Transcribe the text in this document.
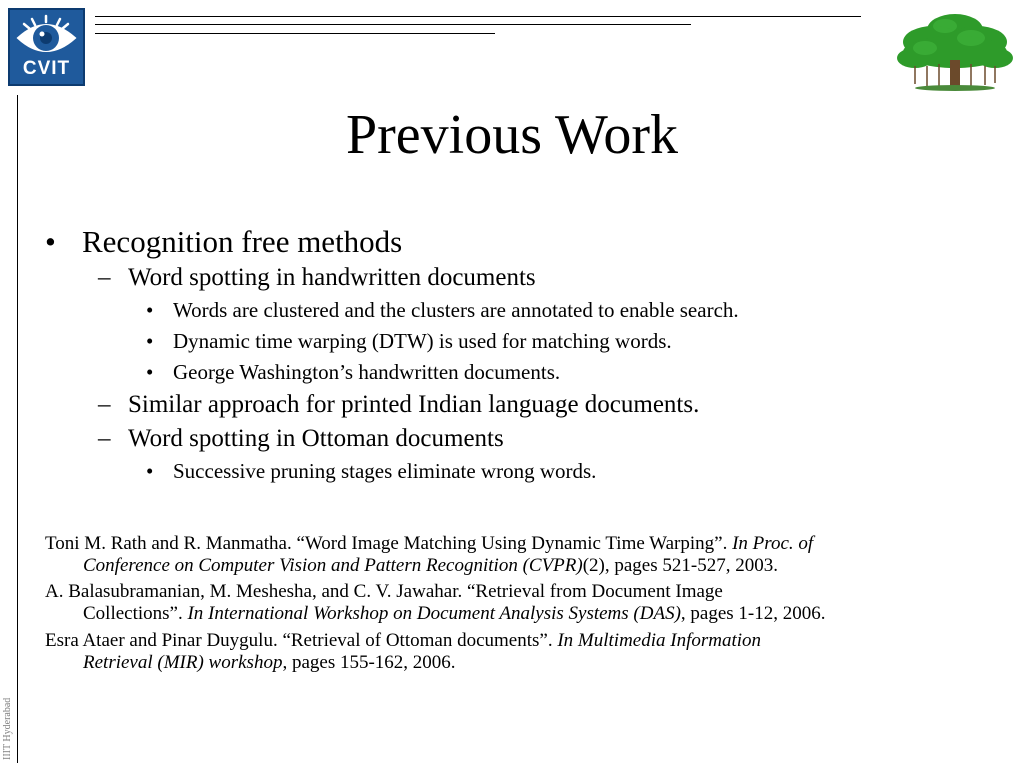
CVIT
IIIT Hyderabad
Previous Work
• Recognition free methods
– Word spotting in handwritten documents
• Words are clustered and the clusters are annotated to enable search.
• Dynamic time warping (DTW) is used for matching words.
• George Washington’s handwritten documents.
– Similar approach for printed Indian language documents.
– Word spotting in Ottoman documents
• Successive pruning stages eliminate wrong words.
Toni M. Rath and R. Manmatha. “Word Image Matching Using Dynamic Time Warping”. In Proc. of
Conference on Computer Vision and Pattern Recognition (CVPR)(2), pages 521-527, 2003.
A. Balasubramanian, M. Meshesha, and C. V. Jawahar. “Retrieval from Document Image
Collections”. In International Workshop on Document Analysis Systems (DAS), pages 1-12, 2006.
Esra Ataer and Pinar Duygulu. “Retrieval of Ottoman documents”. In Multimedia Information
Retrieval (MIR) workshop, pages 155-162, 2006.
